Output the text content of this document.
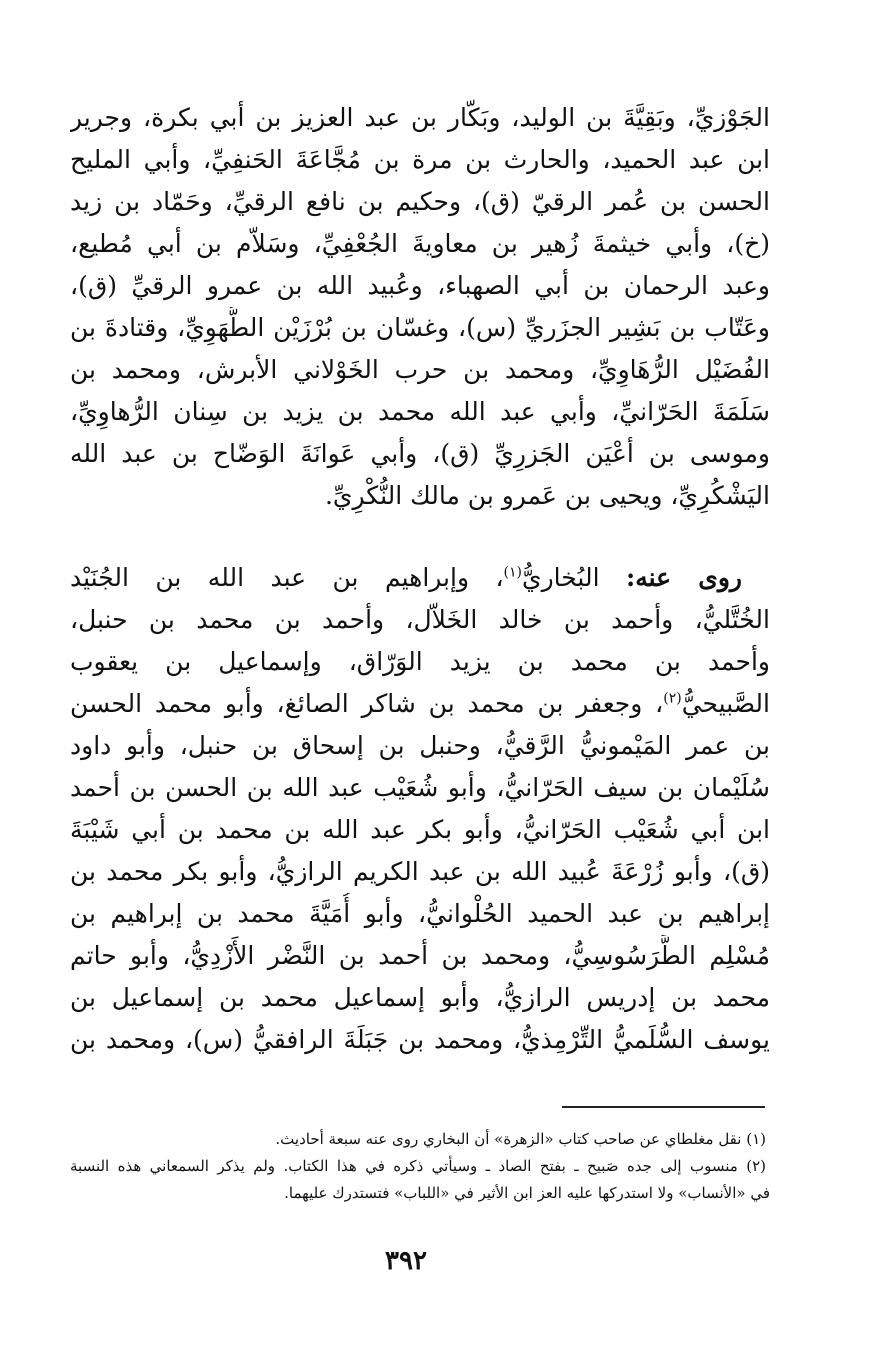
الجَوْزيِّ، وبَقِيَّةَ بن الوليد، وبَكّار بن عبد العزيز بن أبي بكرة، وجرير
ابن عبد الحميد، والحارث بن مرة بن مُجَّاعَةَ الحَنفِيِّ، وأبي المليح
الحسن بن عُمر الرقيّ (ق)، وحكيم بن نافع الرقيِّ، وحَمّاد بن زيد
(خ)، وأبي خيثمةَ زُهير بن معاويةَ الجُعْفِيِّ، وسَلاّم بن أبي مُطيع،
وعبد الرحمان بن أبي الصهباء، وعُبيد الله بن عمرو الرقيِّ (ق)،
وعَتّاب بن بَشِير الجزَريِّ (س)، وغسّان بن بُرْزَيْن الطُّهَوِيِّ، وقتادةَ بن
الفُضَيْل الرُّهَاوِيِّ، ومحمد بن حرب الخَوْلاني الأبرش، ومحمد بن
سَلَمَةَ الحَرّانيِّ، وأبي عبد الله محمد بن يزيد بن سِنان الرُّهاوِيِّ،
وموسى بن أعْيَن الجَزرِيِّ (ق)، وأبي عَوانَةَ الوَضّاح بن عبد الله
اليَشْكُرِيِّ، ويحيى بن عَمرو بن مالك النُّكْرِيِّ.
روى عنه: البُخاريُّ$^{(١)}$، وإبراهيم بن عبد الله بن الجُنَيْد
الخُتَّليُّ، وأحمد بن خالد الخَلاّل، وأحمد بن محمد بن حنبل،
وأحمد بن محمد بن يزيد الوَرّاق، وإسماعيل بن يعقوب
الصَّبيحيُّ$^{(٢)}$، وجعفر بن محمد بن شاكر الصائغ، وأبو محمد الحسن
بن عمر المَيْمونيُّ الرَّقيُّ، وحنبل بن إسحاق بن حنبل، وأبو داود
سُلَيْمان بن سيف الحَرّانيُّ، وأبو شُعَيْب عبد الله بن الحسن بن أحمد
ابن أبي شُعَيْب الحَرّانيُّ، وأبو بكر عبد الله بن محمد بن أبي شَيْبَةَ
(ق)، وأبو زُرْعَةَ عُبيد الله بن عبد الكريم الرازيُّ، وأبو بكر محمد بن
إبراهيم بن عبد الحميد الحُلْوانيُّ، وأبو أُمَيَّةَ محمد بن إبراهيم بن
مُسْلِم الطَّرَسُوسِيُّ، ومحمد بن أحمد بن النَّضْر الأَزْدِيُّ، وأبو حاتم
محمد بن إدريس الرازيُّ، وأبو إسماعيل محمد بن إسماعيل بن
يوسف السُّلَميُّ التِّرْمِذيُّ، ومحمد بن جَبَلَةَ الرافقيُّ (س)، ومحمد بن
(١) نقل مغلطاي عن صاحب كتاب «الزهرة» أن البخاري روى عنه سبعة أحاديث.
(٢) منسوب إلى جده صَبيح ـ بفتح الصاد ـ وسيأتي ذكره في هذا الكتاب. ولم يذكر السمعاني هذه النسبة
في «الأنساب» ولا استدركها عليه العز ابن الأثير في «اللباب» فتستدرك عليهما.
٣٩٢
